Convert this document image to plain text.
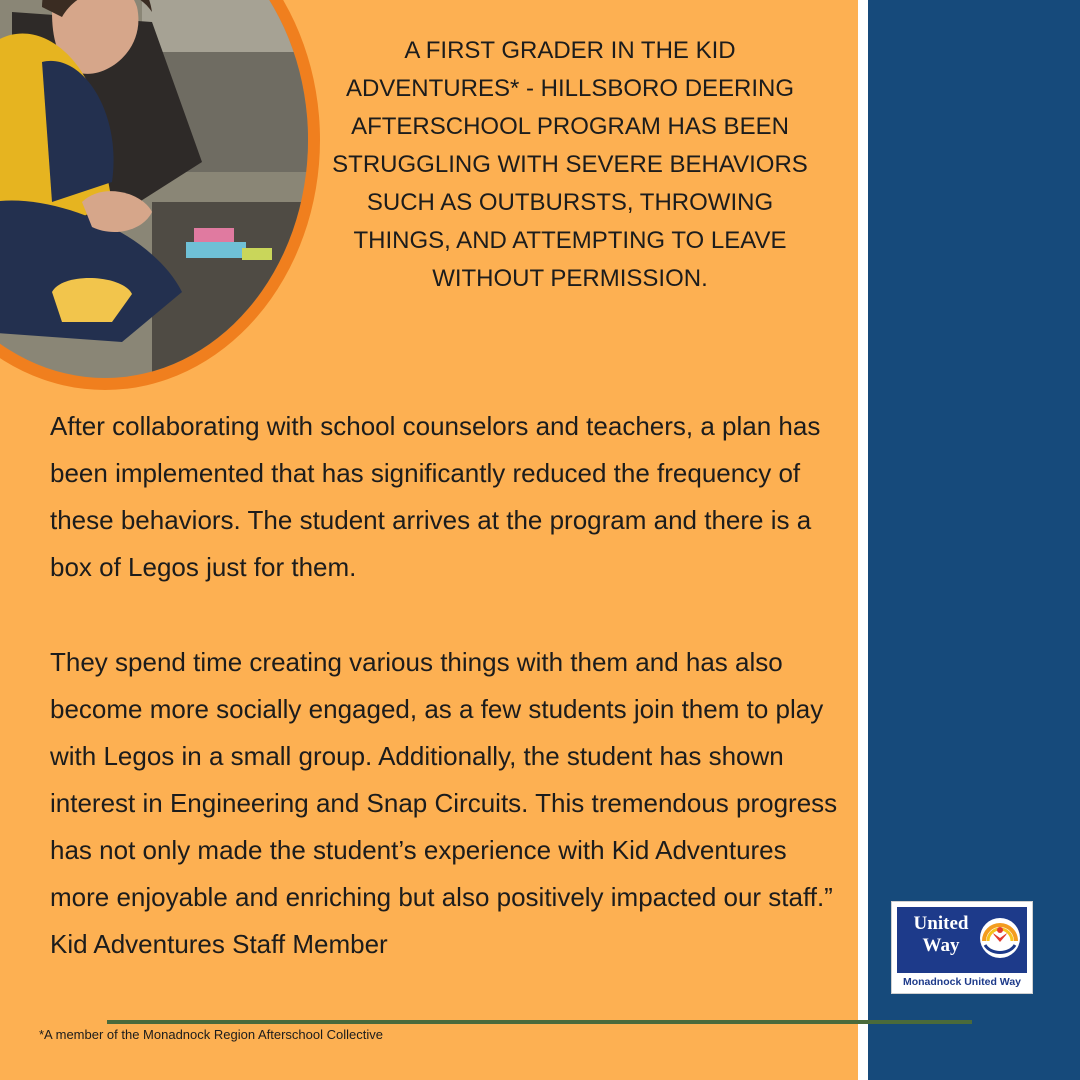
A FIRST GRADER IN THE KID ADVENTURES* - HILLSBORO DEERING AFTERSCHOOL PROGRAM HAS BEEN STRUGGLING WITH SEVERE BEHAVIORS SUCH AS OUTBURSTS, THROWING THINGS, AND ATTEMPTING TO LEAVE WITHOUT PERMISSION.

After collaborating with school counselors and teachers, a plan has been implemented that has significantly reduced the frequency of these behaviors. The student arrives at the program and there is a box of Legos just for them.

They spend time creating various things with them and has also become more socially engaged, as a few students join them to play with Legos in a small group. Additionally, the student has shown interest in Engineering and Snap Circuits. This tremendous progress has not only made the student’s experience with Kid Adventures more enjoyable and enriching but also positively impacted our staff.” Kid Adventures Staff Member

*A member of the Monadnock Region Afterschool Collective

United
Way

Monadnock United Way
